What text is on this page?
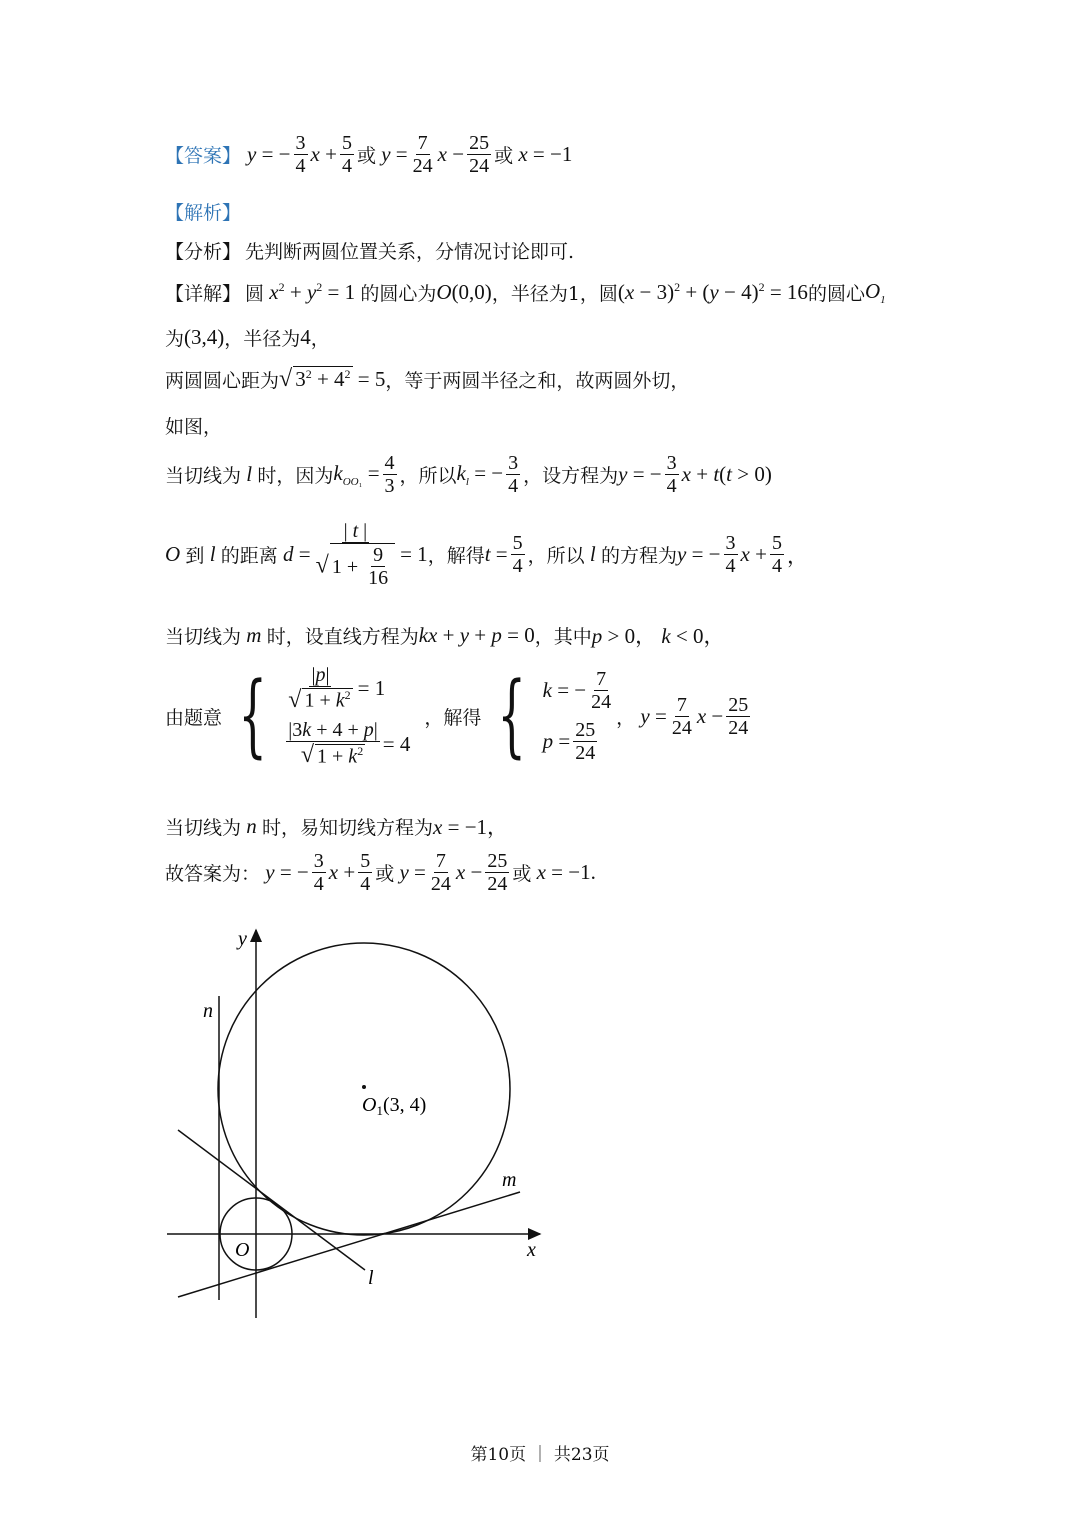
【答案】 y = − $\frac{3}{4}$ $x + \frac{5}{4}$ 或 $y = \frac{7}{24}$ $x - \frac{25}{24}$ 或 x = −1
【解析】
【分析】 先判断两圆位置关系，分情况讨论即可.
【详解】 圆 $x^2 + y^2 = 1$ 的圆心为 O(0,0) ，半径为1，圆 $(x - 3)^2 + (y - 4)^2 = 16$ 的圆心 $O_1$
为 (3,4) ，半径为 4 ，
两圆圆心距为 √ $3^2 + 4^2 = 5$ ，等于两圆半径之和，故两圆外切，
如图，
当切线为 l 时，因为 $k_{OO_1} = \frac{4}{3}$ ，所以 $k_l$ = − $\frac{3}{4}$ ，设方程为 y = − $\frac{3}{4}$ x + t(t > 0)
O 到 l 的距离 $d = \frac{| t |}{√ 1 + \frac{9}{16}} = 1$ ，解得 $t = \frac{5}{4}$ ，所以 l 的方程为 y = − $\frac{3}{4}$ $x + \frac{5}{4}$ ，
当切线为 m 时，设直线方程为 kx + y + p = 0 ，其中 p > 0， k < 0，
由题意 { $\frac{|p|}{√ 1 + k^2} = 1$
$\frac{|3k + 4 + p|}{√ 1 + k^2} = 4$
，解得 { k = − $\frac{7}{24}$
$p = \frac{25}{24}$
， $y = \frac{7}{24}$ $x - \frac{25}{24}$
当切线为 n 时，易知切线方程为 x = −1，
故答案为： y = − $\frac{3}{4}$ $x + \frac{5}{4}$ 或 $y = \frac{7}{24}$ $x - \frac{25}{24}$ 或 x = −1.
y
n
$O_1(3$, 4)
m
O	x
l
第10页 ｜ 共23页
